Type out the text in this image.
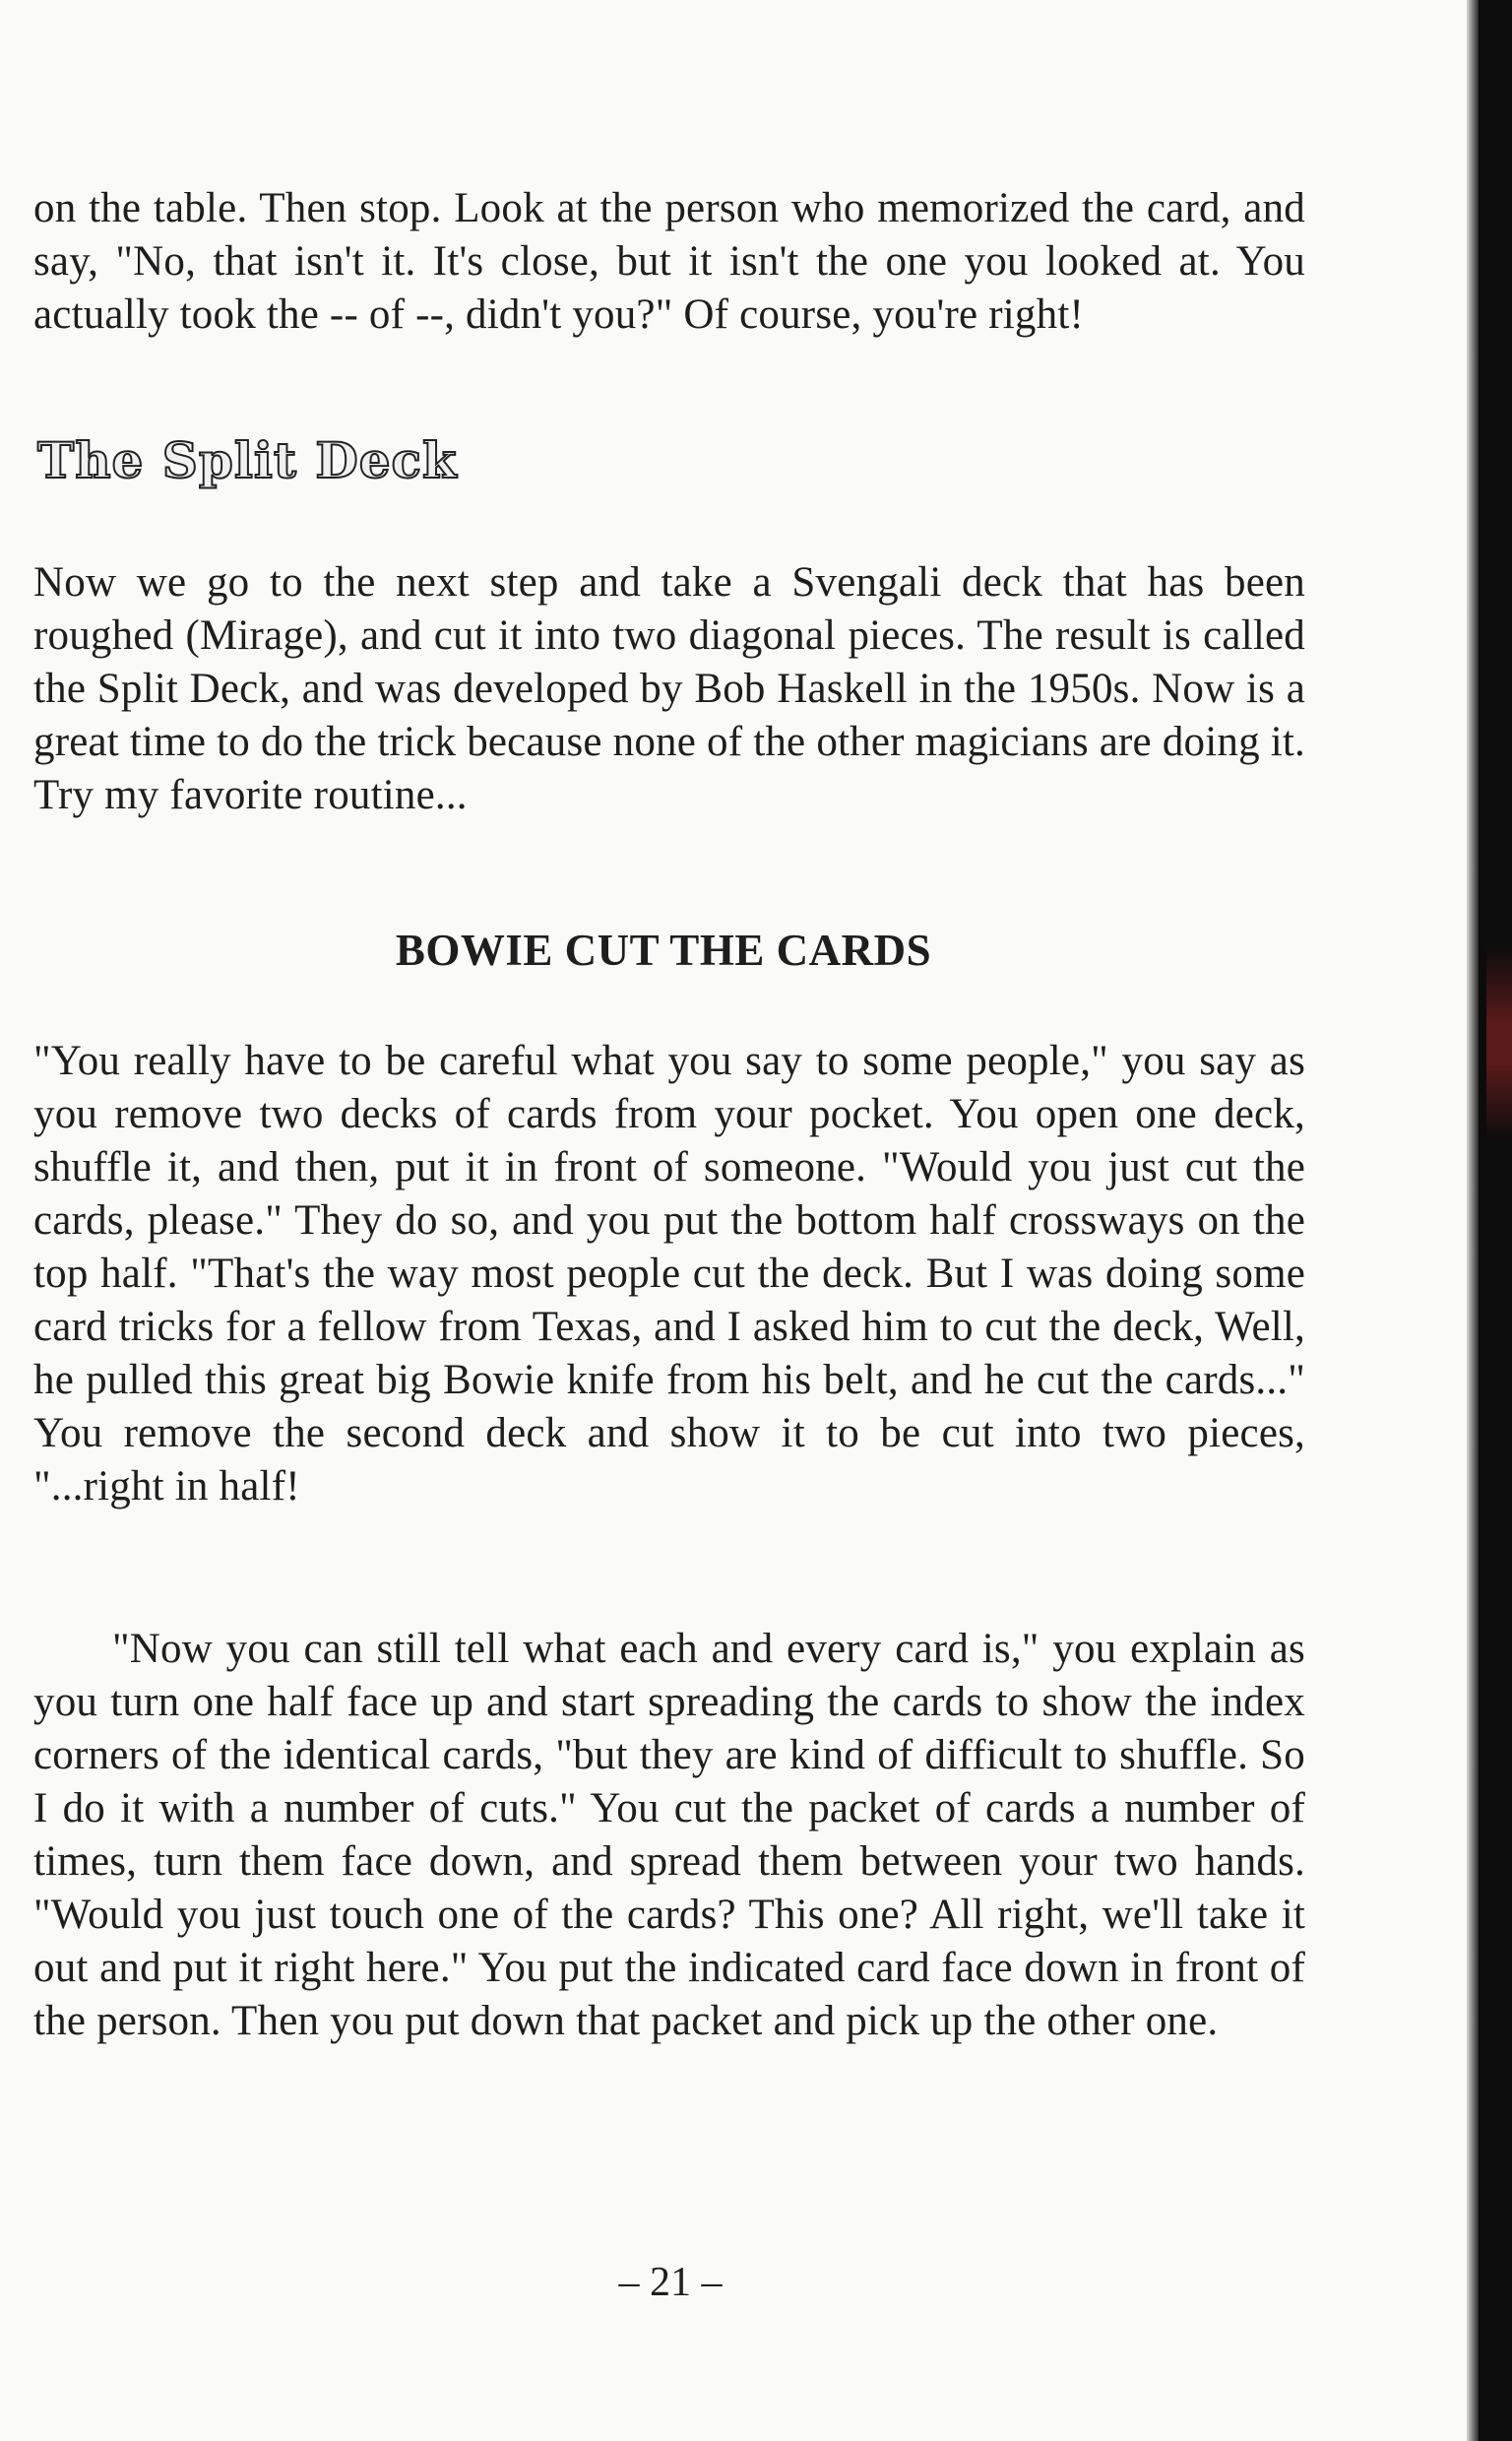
on the table. Then stop. Look at the person who memorized the card, and say, "No, that isn't it. It's close, but it isn't the one you looked at. You actually took the -- of --, didn't you?" Of course, you're right!

The Split Deck

Now we go to the next step and take a Svengali deck that has been roughed (Mirage), and cut it into two diagonal pieces. The result is called the Split Deck, and was developed by Bob Haskell in the 1950s. Now is a great time to do the trick because none of the other magicians are doing it. Try my favorite routine...

BOWIE CUT THE CARDS

"You really have to be careful what you say to some people," you say as you remove two decks of cards from your pocket. You open one deck, shuffle it, and then, put it in front of someone. "Would you just cut the cards, please." They do so, and you put the bottom half crossways on the top half. "That's the way most people cut the deck. But I was doing some card tricks for a fellow from Texas, and I asked him to cut the deck, Well, he pulled this great big Bowie knife from his belt, and he cut the cards..." You remove the second deck and show it to be cut into two pieces, "...right in half!

"Now you can still tell what each and every card is," you explain as you turn one half face up and start spreading the cards to show the index corners of the identical cards, "but they are kind of difficult to shuffle. So I do it with a number of cuts." You cut the packet of cards a number of times, turn them face down, and spread them between your two hands. "Would you just touch one of the cards? This one? All right, we'll take it out and put it right here." You put the indicated card face down in front of the person. Then you put down that packet and pick up the other one.

– 21 –
